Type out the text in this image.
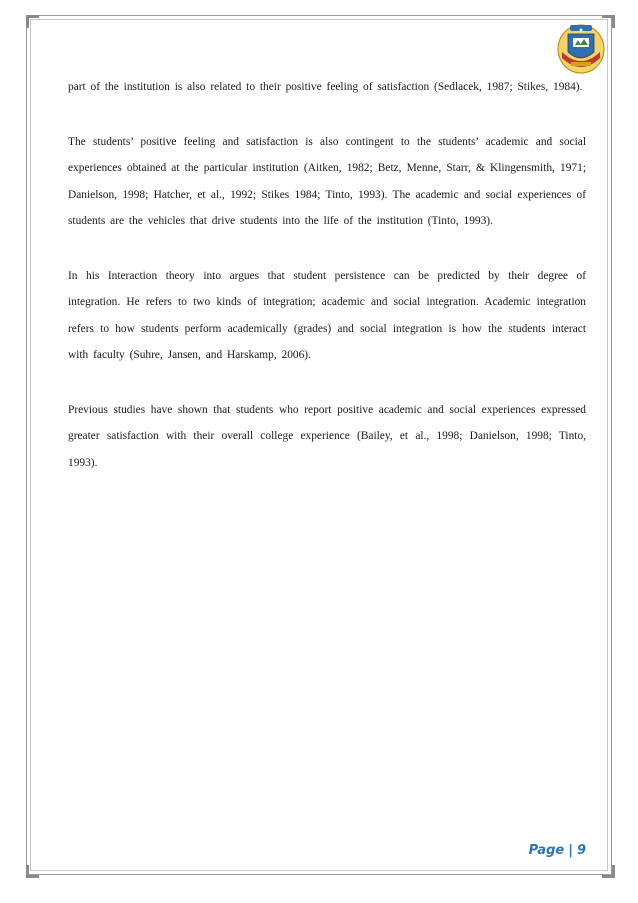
part of the institution is also related to their positive feeling of satisfaction (Sedlacek, 1987; Stikes, 1984).

The students’ positive feeling and satisfaction is also contingent to the students’ academic and social experiences obtained at the particular institution (Aitken, 1982; Betz, Menne, Starr, & Klingensmith, 1971; Danielson, 1998; Hatcher, et al., 1992; Stikes 1984; Tinto, 1993). The academic and social experiences of students are the vehicles that drive students into the life of the institution (Tinto, 1993).

In his Interaction theory into argues that student persistence can be predicted by their degree of integration. He refers to two kinds of integration; academic and social integration. Academic integration refers to how students perform academically (grades) and social integration is how the students interact with faculty (Suhre, Jansen, and Harskamp, 2006).

Previous studies have shown that students who report positive academic and social experiences expressed greater satisfaction with their overall college experience (Bailey, et al., 1998; Danielson, 1998; Tinto, 1993).

Page | 9
